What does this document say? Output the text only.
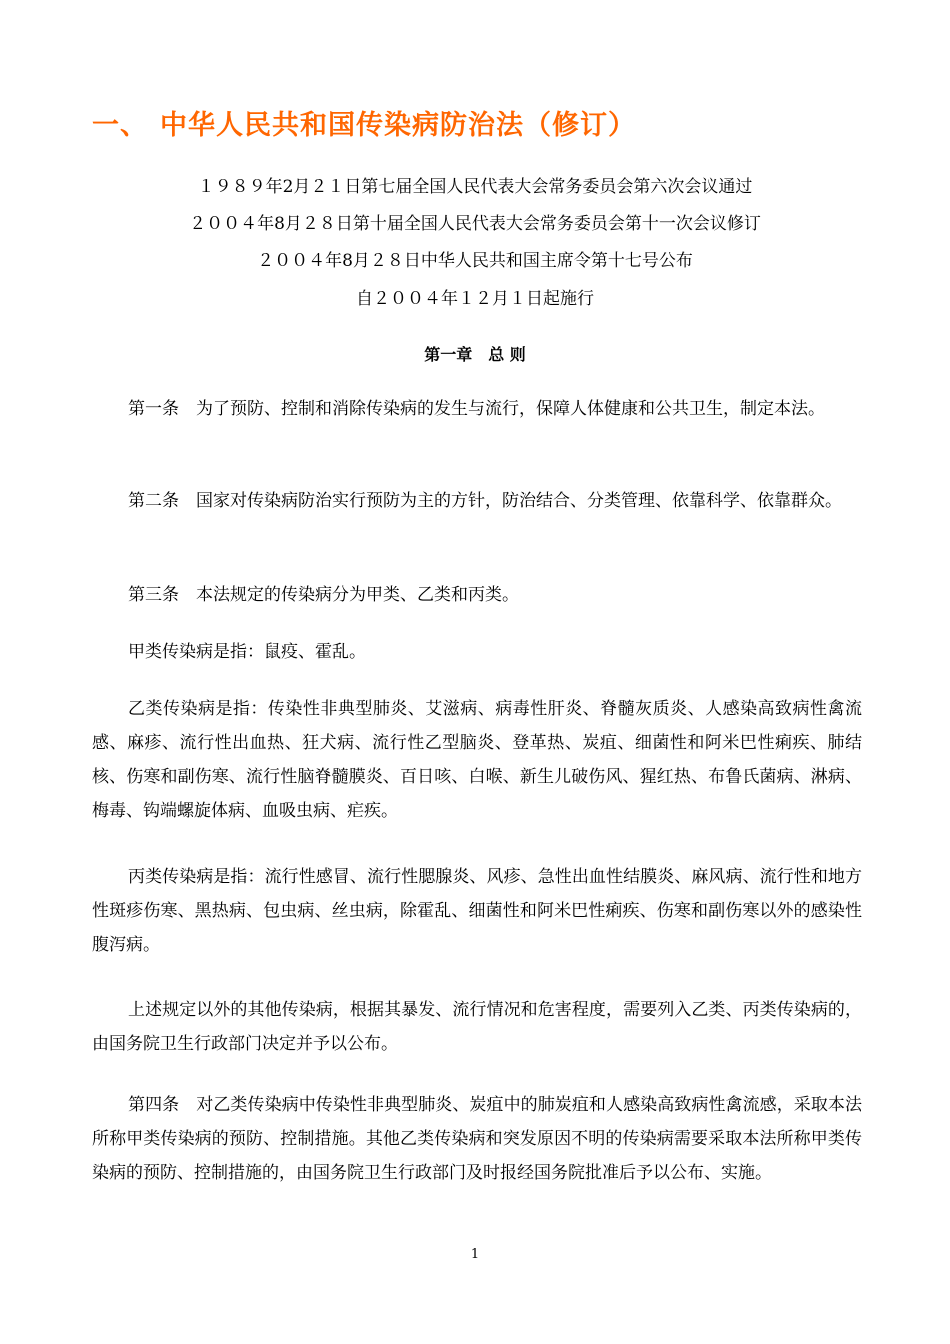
一、 中华人民共和国传染病防治法（修订）

１９８９年2月２１日第七届全国人民代表大会常务委员会第六次会议通过

２００４年8月２８日第十届全国人民代表大会常务委员会第十一次会议修订

２００４年8月２８日中华人民共和国主席令第十七号公布

自２００４年１２月１日起施行

第一章　总 则

第一条　为了预防、控制和消除传染病的发生与流行，保障人体健康和公共卫生，制定本法。

第二条　国家对传染病防治实行预防为主的方针，防治结合、分类管理、依靠科学、依靠群众。

第三条　本法规定的传染病分为甲类、乙类和丙类。

甲类传染病是指：鼠疫、霍乱。

乙类传染病是指：传染性非典型肺炎、艾滋病、病毒性肝炎、脊髓灰质炎、人感染高致病性禽流感、麻疹、流行性出血热、狂犬病、流行性乙型脑炎、登革热、炭疽、细菌性和阿米巴性痢疾、肺结核、伤寒和副伤寒、流行性脑脊髓膜炎、百日咳、白喉、新生儿破伤风、猩红热、布鲁氏菌病、淋病、梅毒、钩端螺旋体病、血吸虫病、疟疾。

丙类传染病是指：流行性感冒、流行性腮腺炎、风疹、急性出血性结膜炎、麻风病、流行性和地方性斑疹伤寒、黑热病、包虫病、丝虫病，除霍乱、细菌性和阿米巴性痢疾、伤寒和副伤寒以外的感染性腹泻病。

上述规定以外的其他传染病，根据其暴发、流行情况和危害程度，需要列入乙类、丙类传染病的，由国务院卫生行政部门决定并予以公布。

第四条　对乙类传染病中传染性非典型肺炎、炭疽中的肺炭疽和人感染高致病性禽流感，采取本法所称甲类传染病的预防、控制措施。其他乙类传染病和突发原因不明的传染病需要采取本法所称甲类传染病的预防、控制措施的，由国务院卫生行政部门及时报经国务院批准后予以公布、实施。

1
